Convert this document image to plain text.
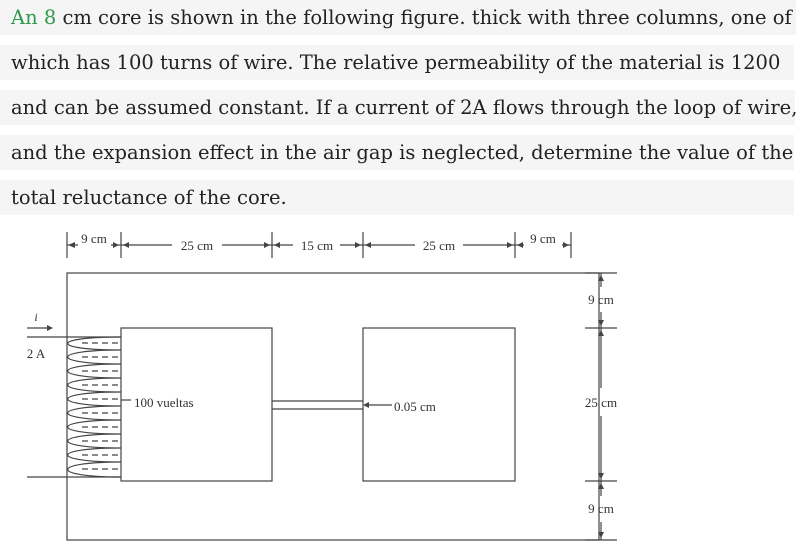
An 8 cm core is shown in the following figure. thick with three columns, one of
which has 100 turns of wire. The relative permeability of the material is 1200
and can be assumed constant. If a current of 2A flows through the loop of wire,
and the expansion effect in the air gap is neglected, determine the value of the
total reluctance of the core.
9 cm	25 cm	15 cm	25 cm	9 cm
9 cm
25 cm
9 cm
i
2 A
100 vueltas	0.05 cm
